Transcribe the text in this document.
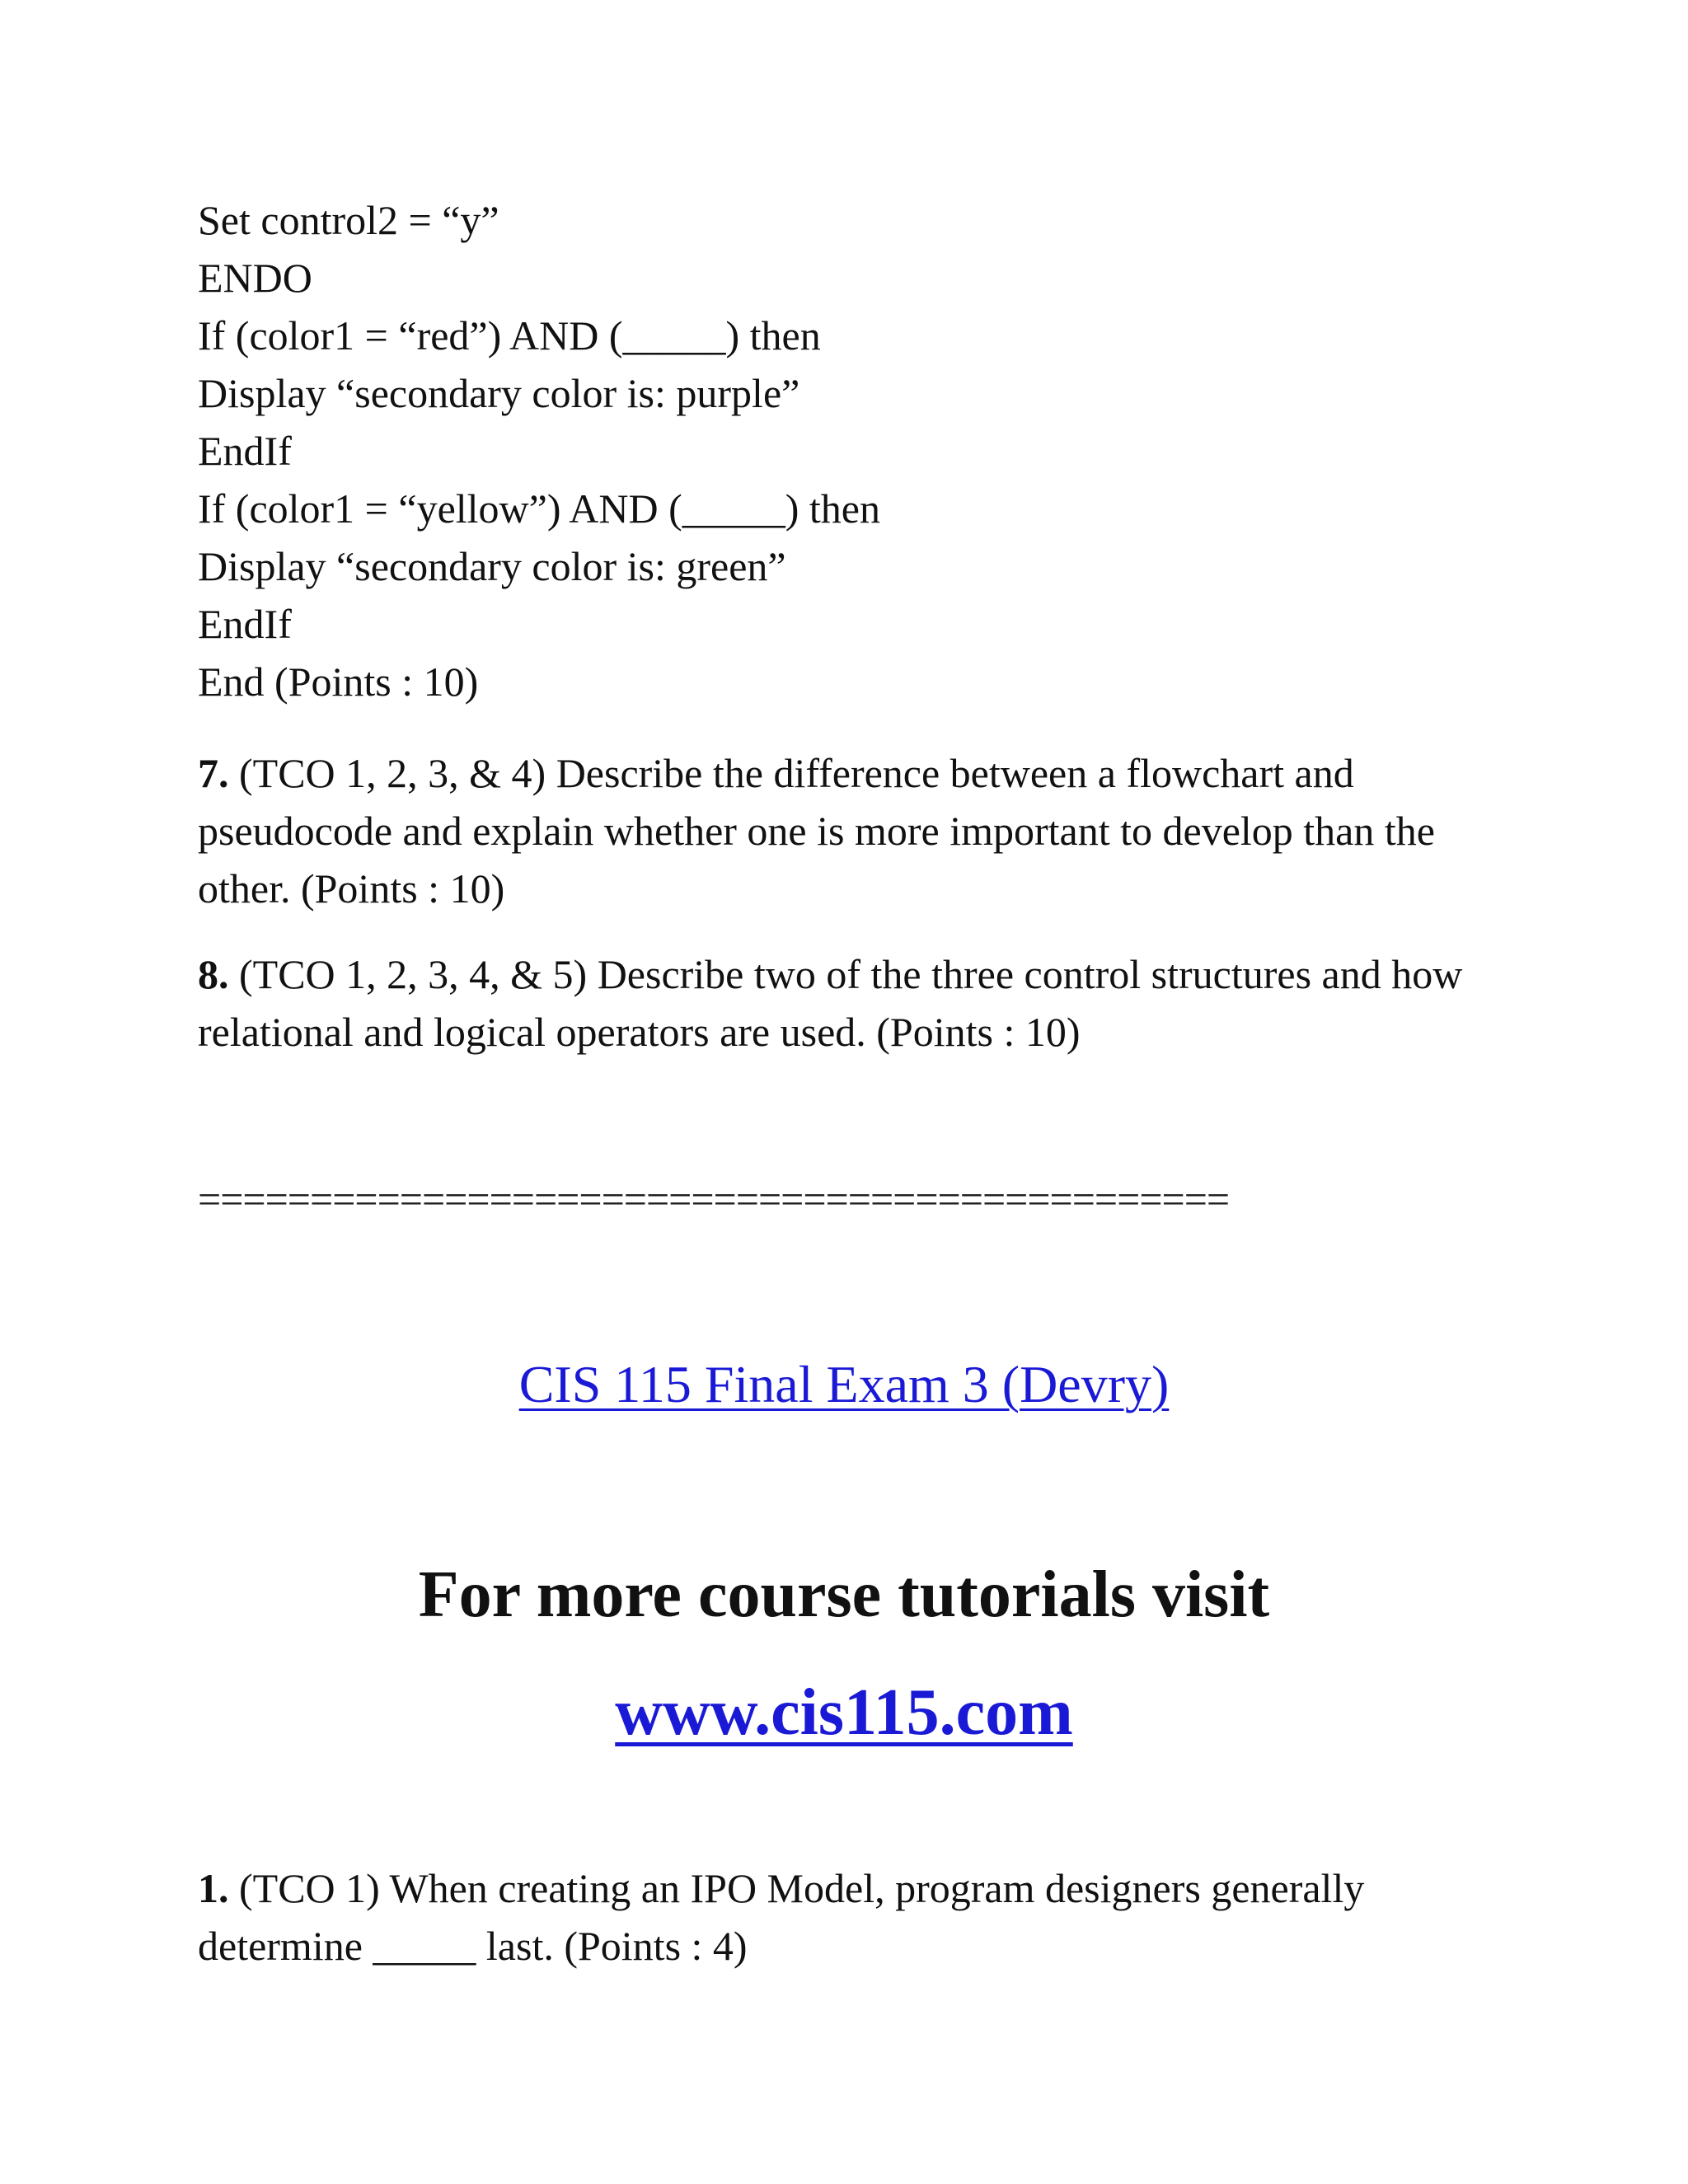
Set control2 = “y”
ENDO
If (color1 = “red”) AND (_____) then
Display “secondary color is: purple”
EndIf
If (color1 = “yellow”) AND (_____) then
Display “secondary color is: green”
EndIf
End (Points : 10)
7. (TCO 1, 2, 3, & 4) Describe the difference between a flowchart and pseudocode and explain whether one is more important to develop than the other. (Points : 10)
8. (TCO 1, 2, 3, 4, & 5) Describe two of the three control structures and how relational and logical operators are used. (Points : 10)
==============================================
CIS 115 Final Exam 3 (Devry)
For more course tutorials visit
www.cis115.com
1. (TCO 1) When creating an IPO Model, program designers generally determine _____ last. (Points : 4)
